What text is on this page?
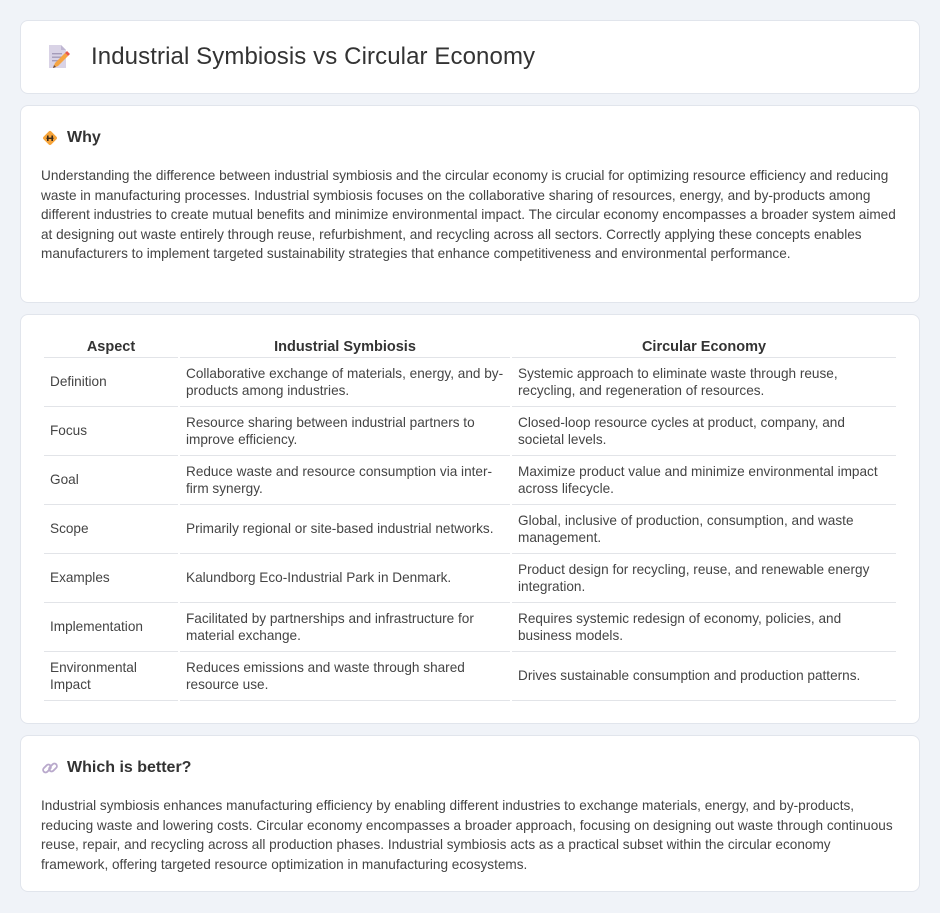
Industrial Symbiosis vs Circular Economy
Why

Understanding the difference between industrial symbiosis and the circular economy is crucial for optimizing resource efficiency and reducing waste in manufacturing processes. Industrial symbiosis focuses on the collaborative sharing of resources, energy, and by-products among different industries to create mutual benefits and minimize environmental impact. The circular economy encompasses a broader system aimed at designing out waste entirely through reuse, refurbishment, and recycling across all sectors. Correctly applying these concepts enables manufacturers to implement targeted sustainability strategies that enhance competitiveness and environmental performance.

Aspect	Industrial Symbiosis	Circular Economy
Definition	Collaborative exchange of materials, energy, and by-products among industries.	Systemic approach to eliminate waste through reuse, recycling, and regeneration of resources.
Focus	Resource sharing between industrial partners to improve efficiency.	Closed-loop resource cycles at product, company, and societal levels.
Goal	Reduce waste and resource consumption via inter-firm synergy.	Maximize product value and minimize environmental impact across lifecycle.
Scope	Primarily regional or site-based industrial networks.	Global, inclusive of production, consumption, and waste management.
Examples	Kalundborg Eco-Industrial Park in Denmark.	Product design for recycling, reuse, and renewable energy integration.
Implementation	Facilitated by partnerships and infrastructure for material exchange.	Requires systemic redesign of economy, policies, and business models.
Environmental Impact	Reduces emissions and waste through shared resource use.	Drives sustainable consumption and production patterns.
Which is better?

Industrial symbiosis enhances manufacturing efficiency by enabling different industries to exchange materials, energy, and by-products, reducing waste and lowering costs. Circular economy encompasses a broader approach, focusing on designing out waste through continuous reuse, repair, and recycling across all production phases. Industrial symbiosis acts as a practical subset within the circular economy framework, offering targeted resource optimization in manufacturing ecosystems.
